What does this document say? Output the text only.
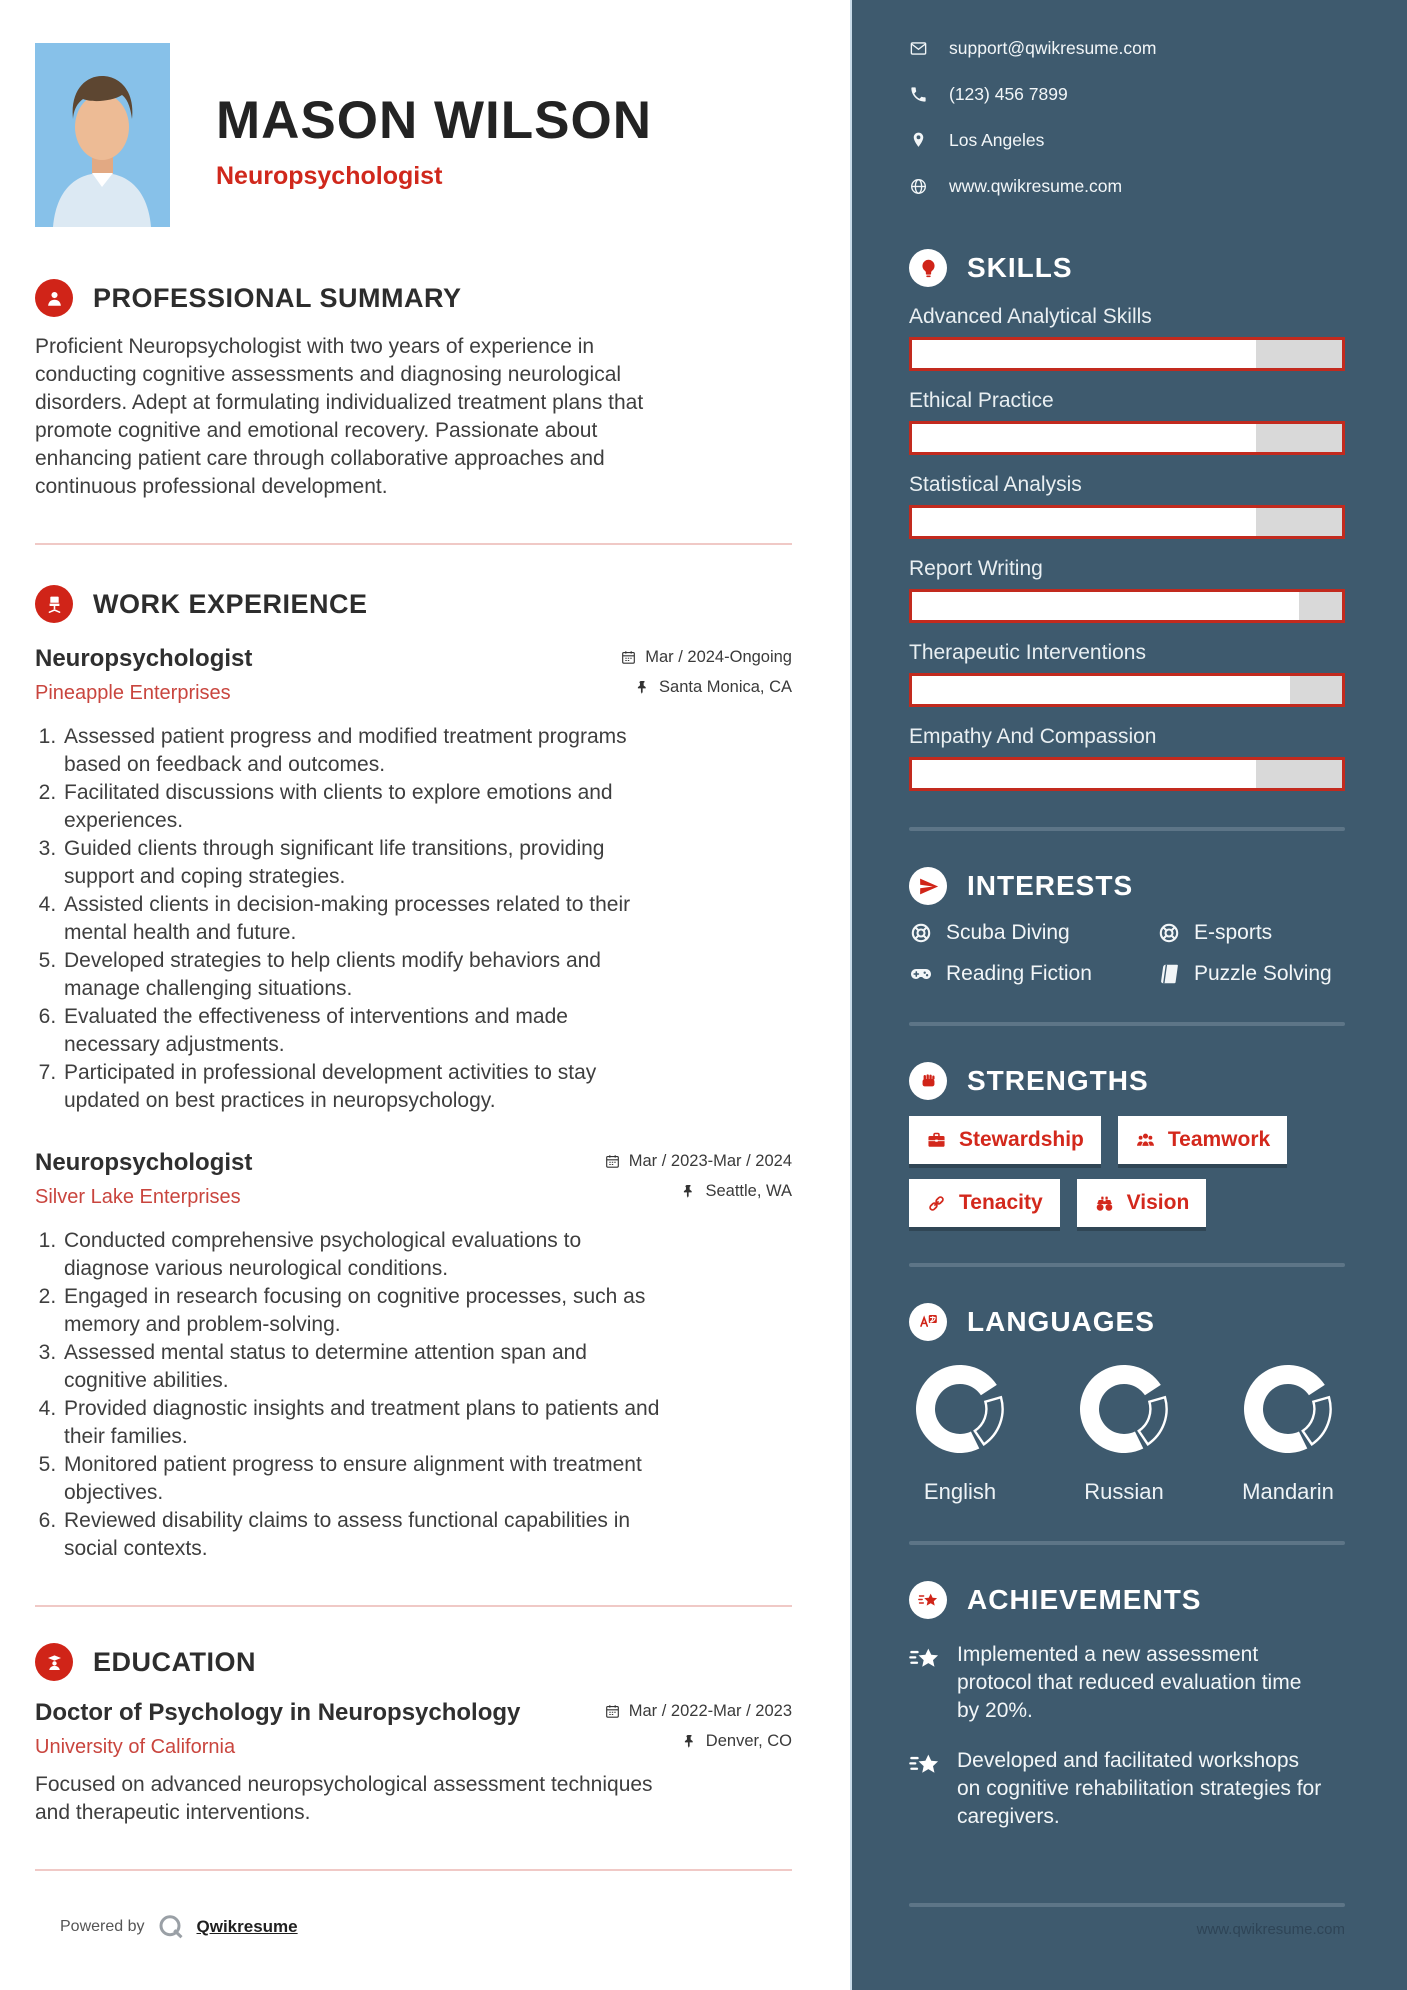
MASON WILSON
Neuropsychologist
PROFESSIONAL SUMMARY

Proficient Neuropsychologist with two years of experience in conducting cognitive assessments and diagnosing neurological disorders. Adept at formulating individualized treatment plans that promote cognitive and emotional recovery. Passionate about enhancing patient care through collaborative approaches and continuous professional development.

WORK EXPERIENCE
Neuropsychologist
Pineapple Enterprises
Mar / 2024-Ongoing
Santa Monica, CA
1. Assessed patient progress and modified treatment programs based on feedback and outcomes.
2. Facilitated discussions with clients to explore emotions and experiences.
3. Guided clients through significant life transitions, providing support and coping strategies.
4. Assisted clients in decision-making processes related to their mental health and future.
5. Developed strategies to help clients modify behaviors and manage challenging situations.
6. Evaluated the effectiveness of interventions and made necessary adjustments.
7. Participated in professional development activities to stay updated on best practices in neuropsychology.
Neuropsychologist
Silver Lake Enterprises
Mar / 2023-Mar / 2024
Seattle, WA
1. Conducted comprehensive psychological evaluations to diagnose various neurological conditions.
2. Engaged in research focusing on cognitive processes, such as memory and problem-solving.
3. Assessed mental status to determine attention span and cognitive abilities.
4. Provided diagnostic insights and treatment plans to patients and their families.
5. Monitored patient progress to ensure alignment with treatment objectives.
6. Reviewed disability claims to assess functional capabilities in social contexts.
EDUCATION
Doctor of Psychology in Neuropsychology
University of California
Mar / 2022-Mar / 2023
Denver, CO

Focused on advanced neuropsychological assessment techniques and therapeutic interventions.

Powered by	Qwikresume
support@qwikresume.com
(123) 456 7899
Los Angeles
www.qwikresume.com
SKILLS
Advanced Analytical Skills
Ethical Practice
Statistical Analysis
Report Writing
Therapeutic Interventions
Empathy And Compassion
INTERESTS
Scuba Diving	E-sports
Reading Fiction	Puzzle Solving
STRENGTHS
Stewardship	Teamwork
Tenacity	Vision
LANGUAGES
English	Russian	Mandarin
ACHIEVEMENTS

Implemented a new assessment protocol that reduced evaluation time by 20%.

Developed and facilitated workshops on cognitive rehabilitation strategies for caregivers.

www.qwikresume.com
